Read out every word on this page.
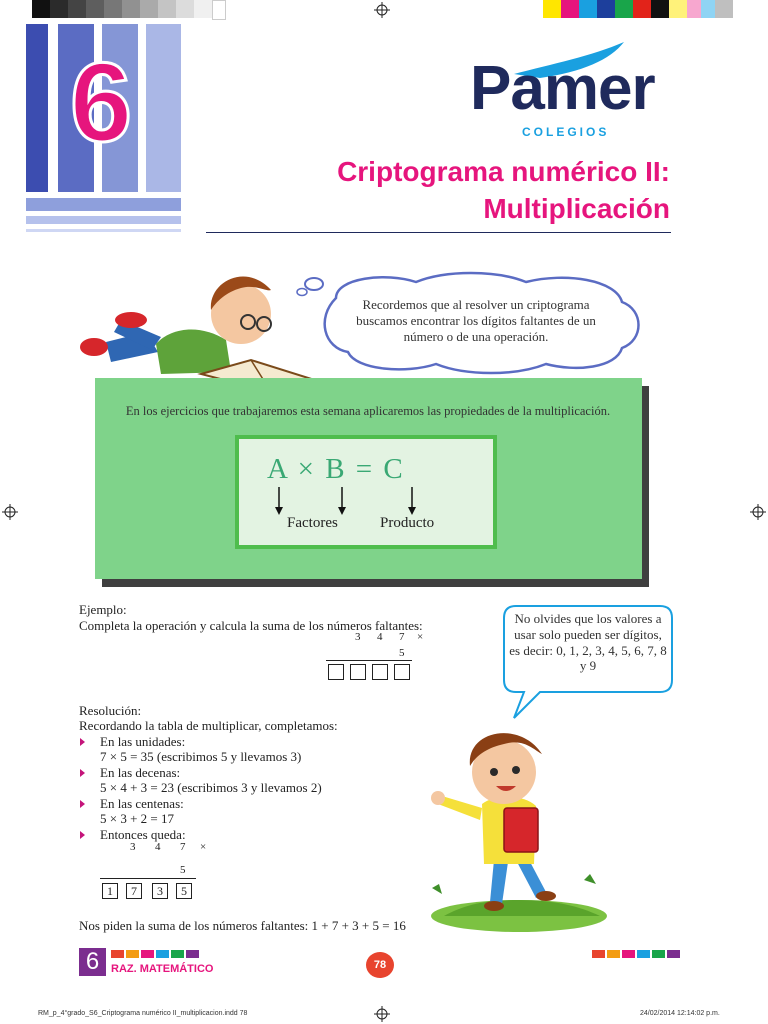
6	Pamer
COLEGIOS
Criptograma numérico II:
Multiplicación
Recordemos que al resolver un criptograma buscamos encontrar los dígitos faltantes de un número o de una operación.
En los ejercicios que trabajaremos esta semana aplicaremos las propiedades de la multiplicación.
A × B = C
Factores	Producto
Ejemplo:
Completa la operación y calcula la suma de los números faltantes:
3 4 7 ×
5
No olvides que los valores a usar solo pueden ser dígitos, es decir: 0, 1, 2, 3, 4, 5, 6, 7, 8 y 9
Resolución:
Recordando la tabla de multiplicar, completamos:
En las unidades:
7 × 5 = 35 (escribimos 5 y llevamos 3)
En las decenas:
5 × 4 + 3 = 23 (escribimos 3 y llevamos 2)
En las centenas:
5 × 3 + 2 = 17
Entonces queda:
3 4 7 ×
5
1	7	3	5
Nos piden la suma de los números faltantes: 1 + 7 + 3 + 5 = 16
6	RAZ. MATEMÁTICO	78
RM_p_4°grado_S6_Criptograma numérico II_multiplicacion.indd 78	24/02/2014 12:14:02 p.m.
